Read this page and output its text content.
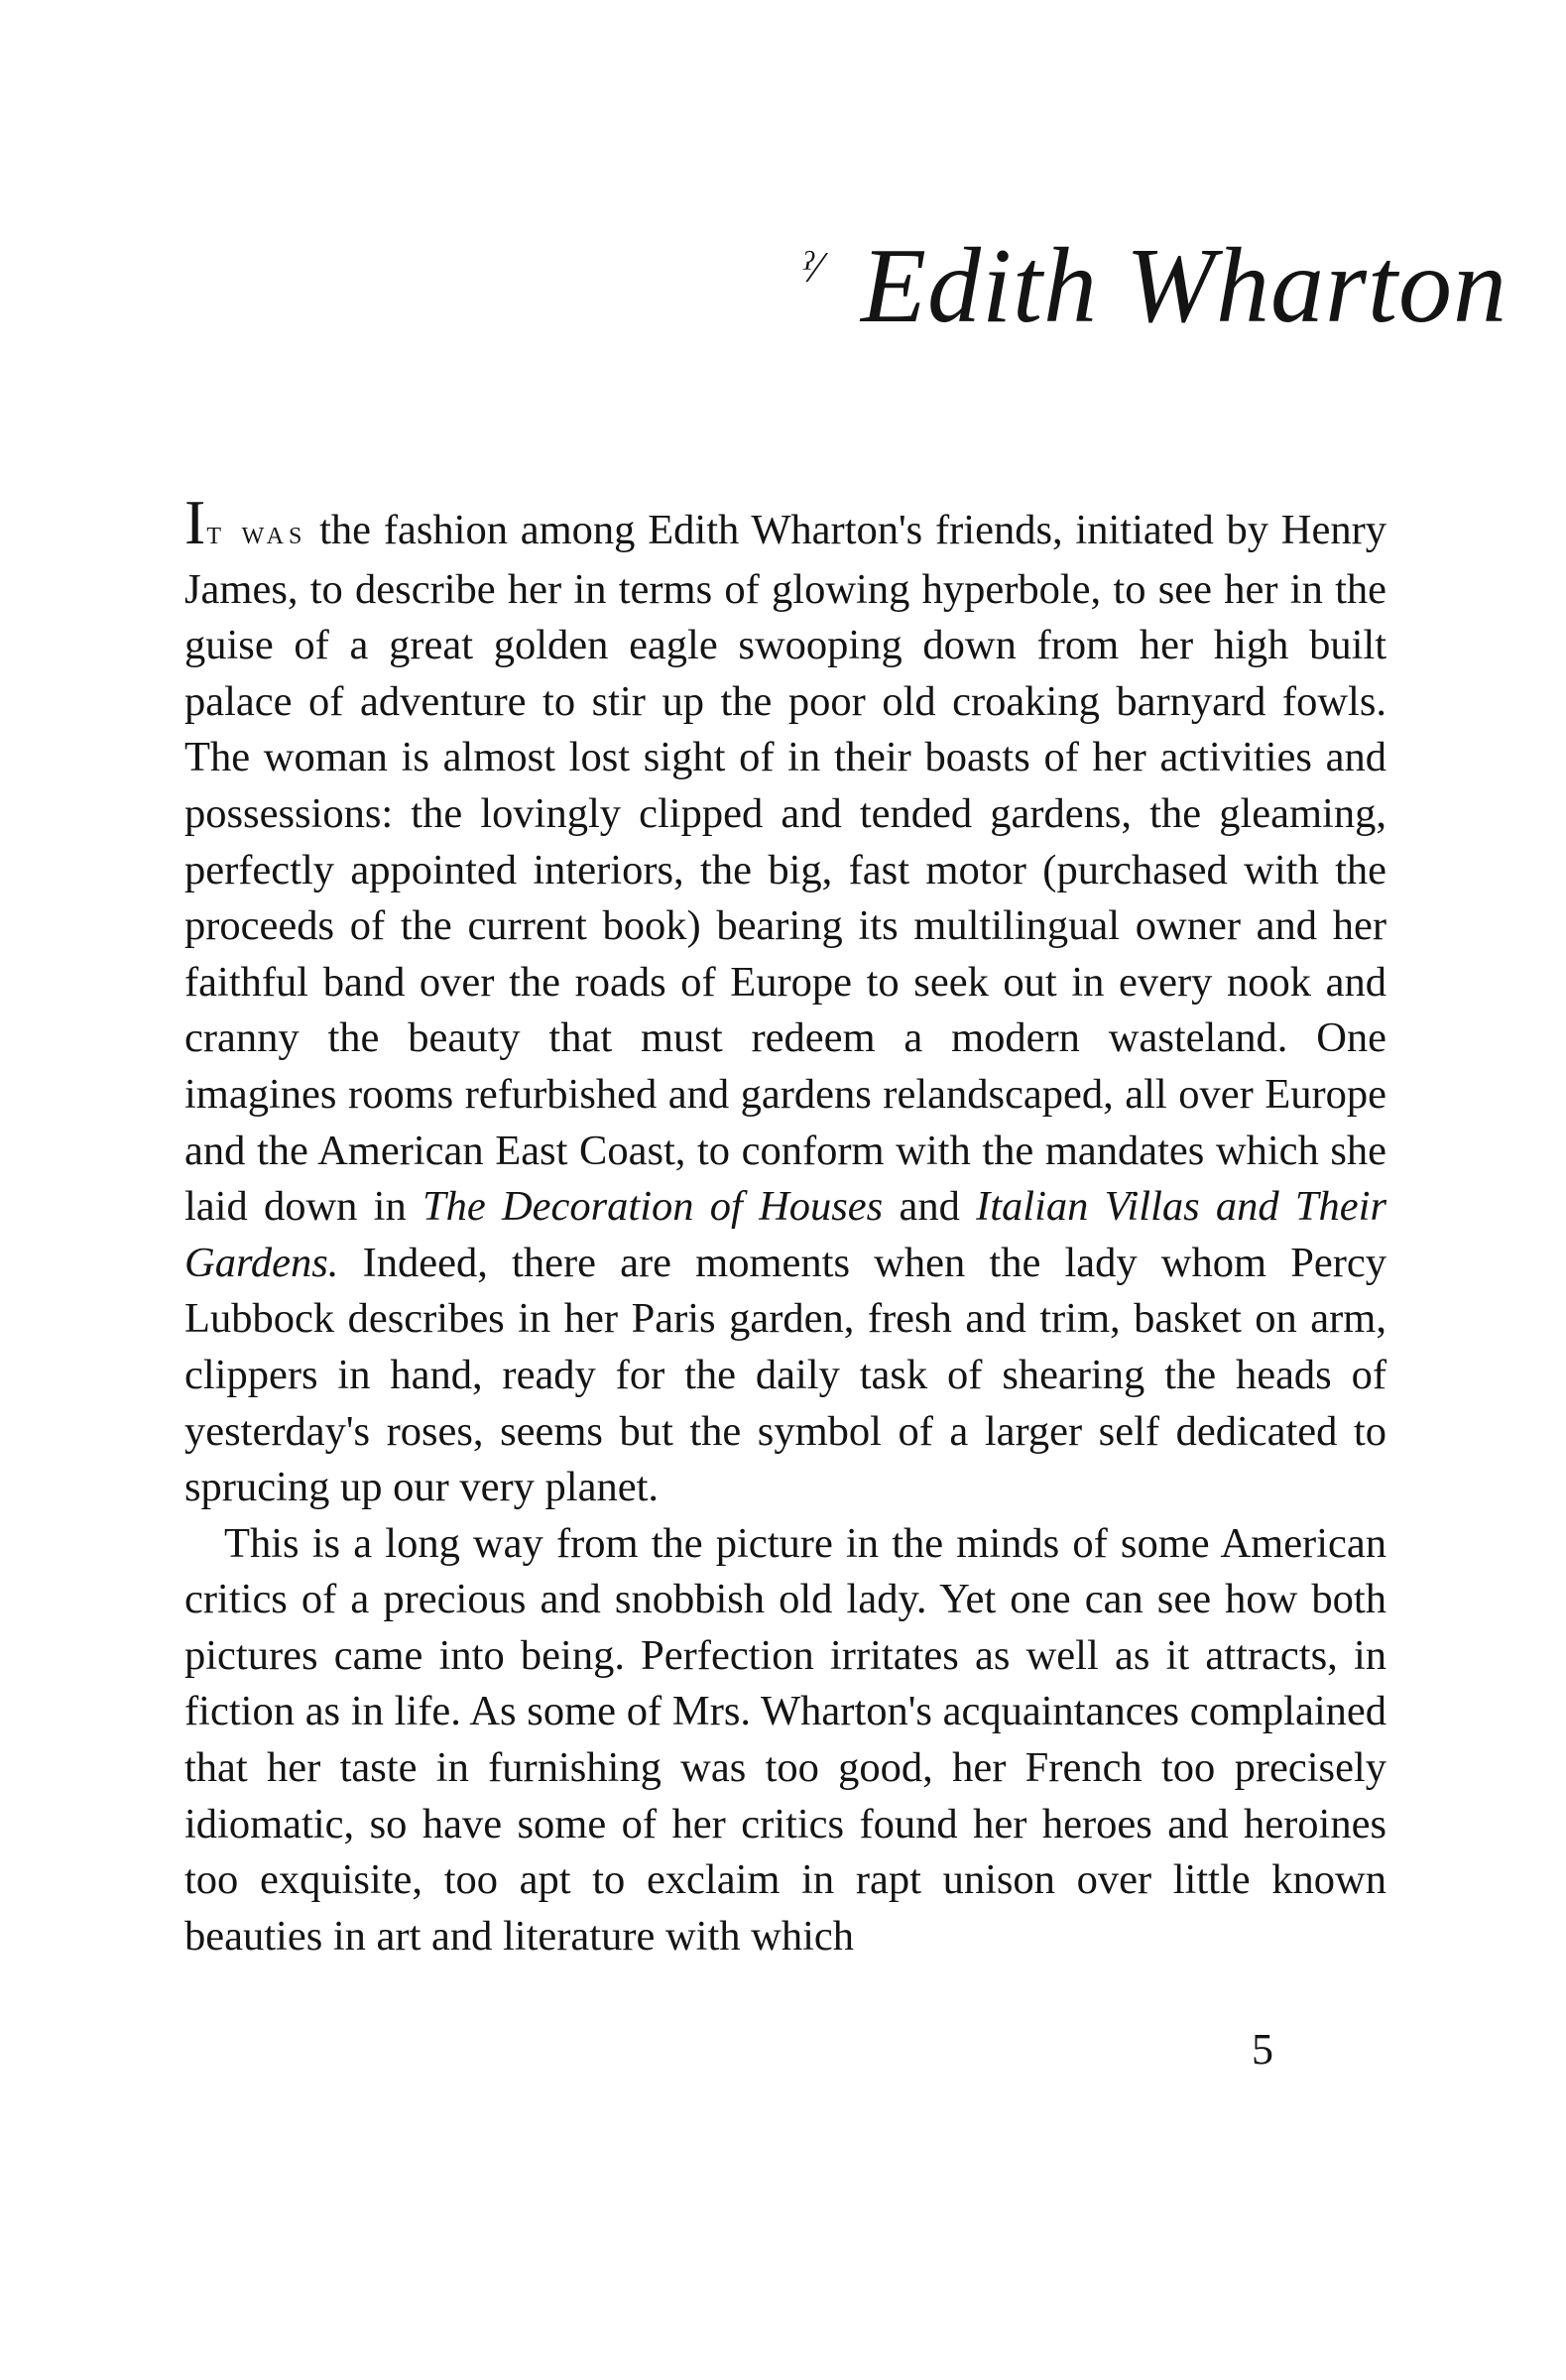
ˀ⁄ Edith Wharton

It was the fashion among Edith Wharton's friends, initiated by Henry James, to describe her in terms of glowing hyperbole, to see her in the guise of a great golden eagle swooping down from her high built palace of adventure to stir up the poor old croaking barnyard fowls. The woman is almost lost sight of in their boasts of her activities and possessions: the lovingly clipped and tended gardens, the gleaming, perfectly appointed interiors, the big, fast motor (purchased with the proceeds of the current book) bearing its multilingual owner and her faithful band over the roads of Europe to seek out in every nook and cranny the beauty that must redeem a modern wasteland. One imagines rooms refurbished and gardens relandscaped, all over Europe and the American East Coast, to conform with the mandates which she laid down in The Decoration of Houses and Italian Villas and Their Gardens. Indeed, there are moments when the lady whom Percy Lubbock describes in her Paris garden, fresh and trim, basket on arm, clippers in hand, ready for the daily task of shearing the heads of yesterday's roses, seems but the symbol of a larger self dedicated to sprucing up our very planet.

This is a long way from the picture in the minds of some American critics of a precious and snobbish old lady. Yet one can see how both pictures came into being. Perfection irritates as well as it attracts, in fiction as in life. As some of Mrs. Wharton's acquaintances complained that her taste in furnishing was too good, her French too precisely idiomatic, so have some of her critics found her heroes and heroines too exquisite, too apt to exclaim in rapt unison over little known beauties in art and literature with which

5
